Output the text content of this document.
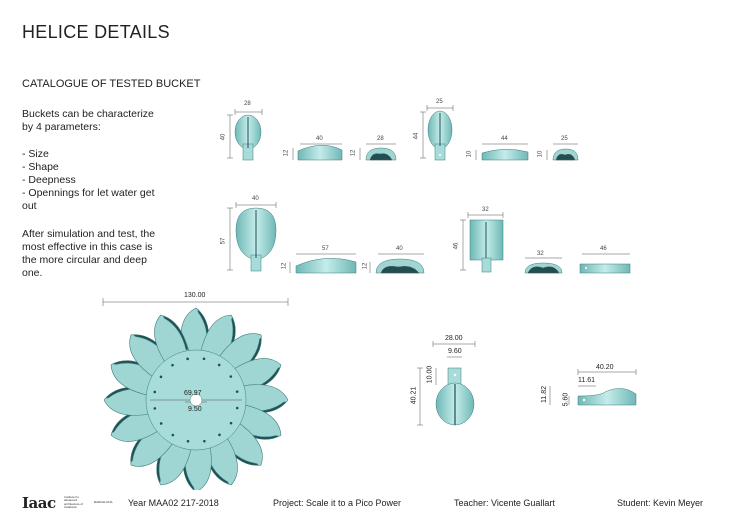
HELICE DETAILS
CATALOGUE OF TESTED BUCKET
Buckets can be characterize
by 4 parameters:
- Size
- Shape
- Deepness
- Opennings for let water get
out
After simulation and test, the
most effective in this case is
the more circular and deep
one.
28
40
12
40
12
28
25
44
10
44
10
25
40
57
12
57
12
40
32
46
32
46
130.00
69.97
9.50
28.00
9.60
10.00
40.21
40.20
11.61
11.82 5.60
Iaac	Institute for advanced architecture of Catalonia
BARCELONA Year MAA02 217-2018	Project: Scale it to a Pico Power	Teacher: Vicente Guallart	Student: Kevin Meyer
